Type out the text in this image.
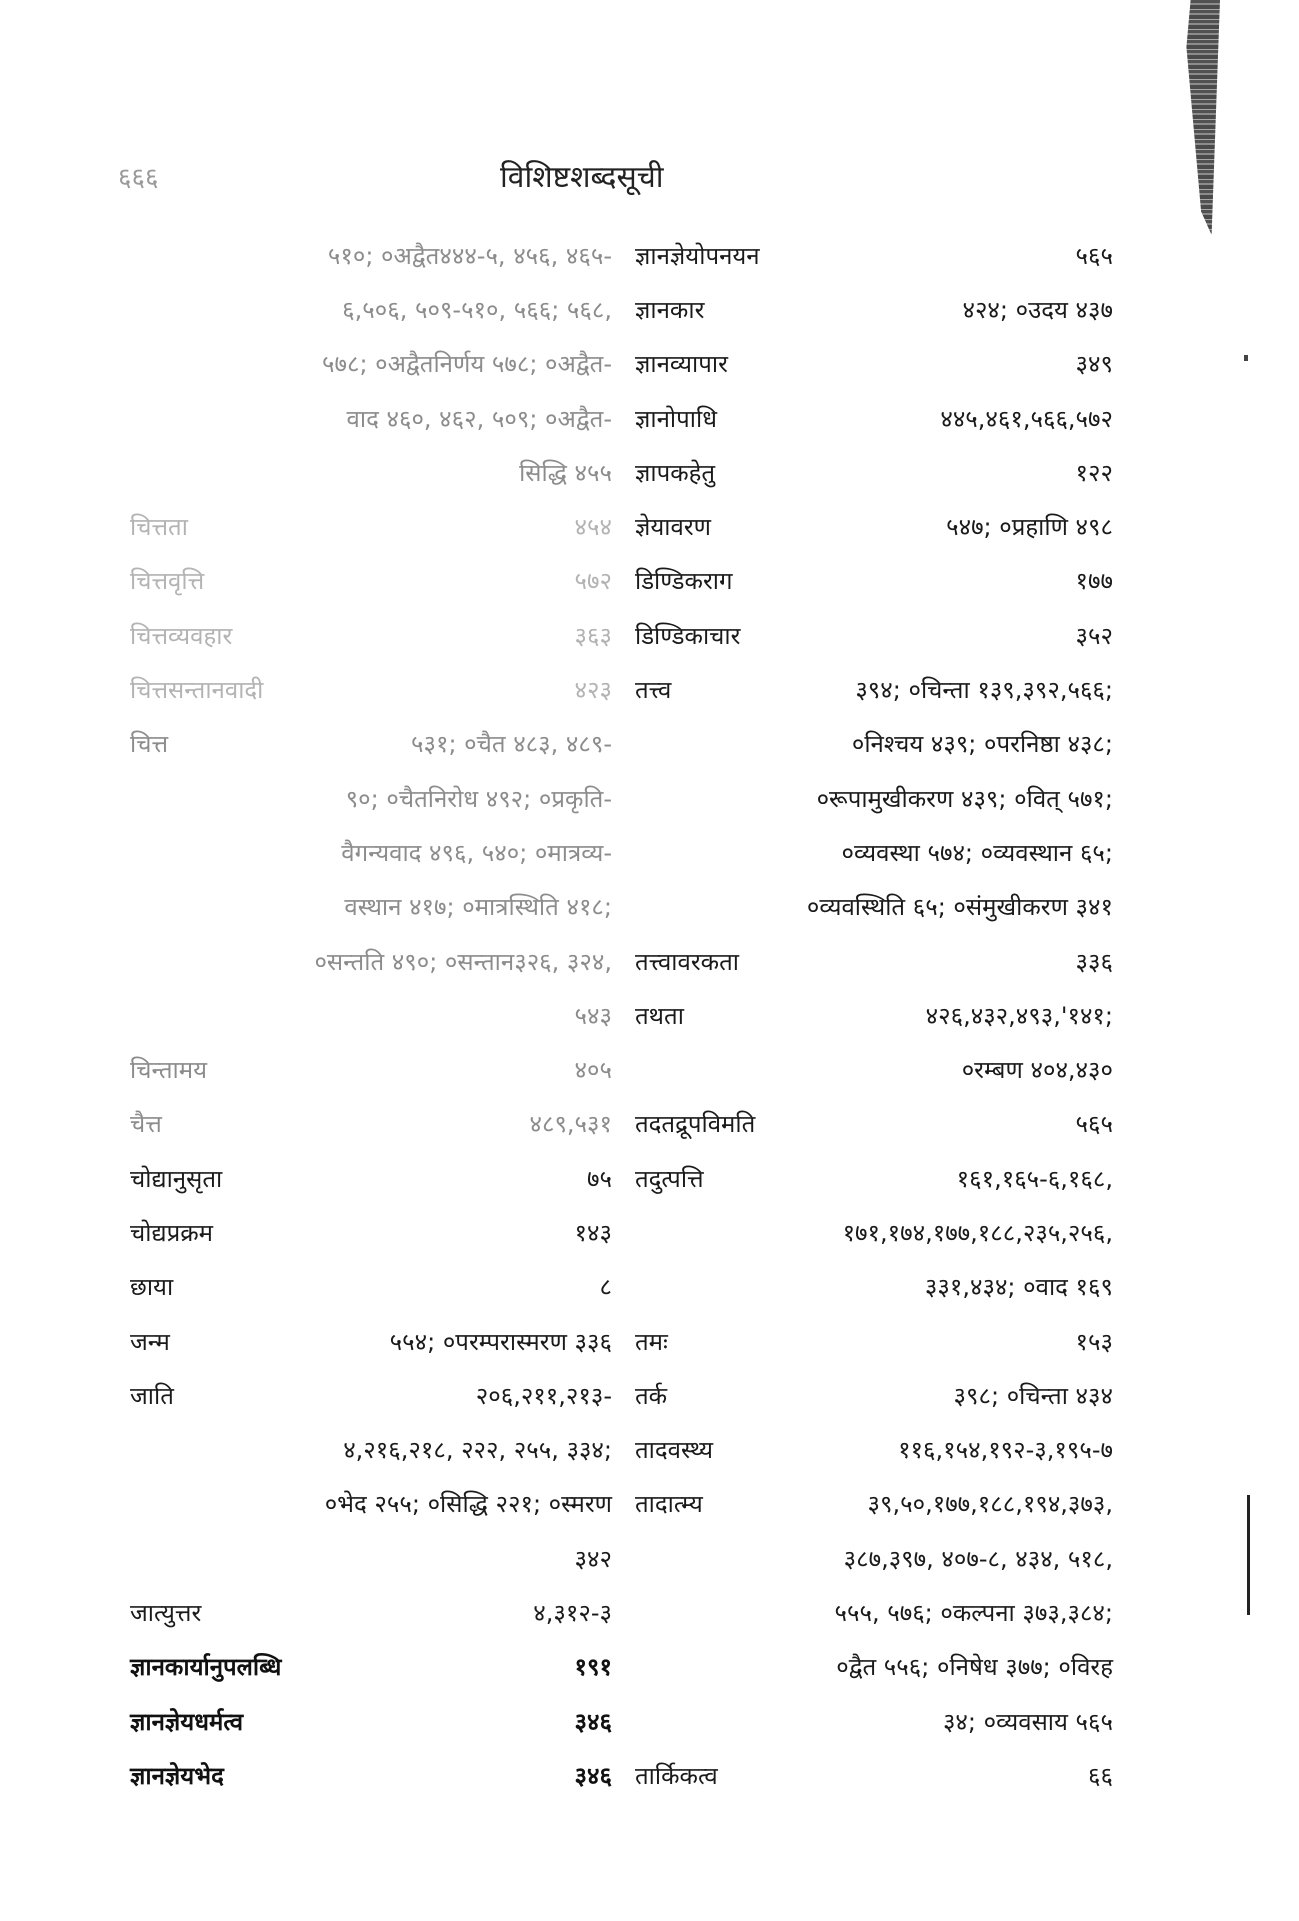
६६६	विशिष्टशब्दसूची
५१०; ०अद्वैत४४४-५, ४५६, ४६५-
६,५०६, ५०९-५१०, ५६६; ५६८,
५७८; ०अद्वैतनिर्णय ५७८; ०अद्वैत-
वाद ४६०, ४६२, ५०९; ०अद्वैत-
सिद्धि ४५५
चित्तता	४५४
चित्तवृत्ति	५७२
चित्तव्यवहार	३६३
चित्तसन्तानवादी	४२३
चित्त	५३१; ०चैत ४८३, ४८९-
९०; ०चैतनिरोध ४९२; ०प्रकृति-
वैगन्यवाद ४९६, ५४०; ०मात्रव्य-
वस्थान ४१७; ०मात्रस्थिति ४१८;
०सन्तति ४९०; ०सन्तान३२६, ३२४,
५४३
चिन्तामय	४०५
चैत्त	४८९,५३१
चोद्यानुसृता	७५
चोद्यप्रक्रम	१४३
छाया	८
जन्म	५५४; ०परम्परास्मरण ३३६
जाति	२०६,२११,२१३-
४,२१६,२१८, २२२, २५५, ३३४;
०भेद २५५; ०सिद्धि २२१; ०स्मरण
३४२
जात्युत्तर	४,३१२-३
ज्ञानकार्यानुपलब्धि	१९१
ज्ञानज्ञेयधर्मत्व	३४६
ज्ञानज्ञेयभेद	३४६
ज्ञानज्ञेयोपनयन	५६५
ज्ञानकार	४२४; ०उदय ४३७
ज्ञानव्यापार	३४९
ज्ञानोपाधि	४४५,४६१,५६६,५७२
ज्ञापकहेतु	१२२
ज्ञेयावरण	५४७; ०प्रहाणि ४९८
डिण्डिकराग	१७७
डिण्डिकाचार	३५२
तत्त्व	३९४; ०चिन्ता १३९,३९२,५६६;
०निश्चय ४३९; ०परनिष्ठा ४३८;
०रूपामुखीकरण ४३९; ०वित् ५७१;
०व्यवस्था ५७४; ०व्यवस्थान ६५;
०व्यवस्थिति ६५; ०संमुखीकरण ३४१
तत्त्वावरकता	३३६
तथता	४२६,४३२,४९३,'१४१;
०रम्बण ४०४,४३०
तदतद्रूपविमति	५६५
तदुत्पत्ति	१६१,१६५-६,१६८,
१७१,१७४,१७७,१८८,२३५,२५६,
३३१,४३४; ०वाद १६९
तमः	१५३
तर्क	३९८; ०चिन्ता ४३४
तादवस्थ्य	११६,१५४,१९२-३,१९५-७
तादात्म्य	३९,५०,१७७,१८८,१९४,३७३,
३८७,३९७, ४०७-८, ४३४, ५१८,
५५५, ५७६; ०कल्पना ३७३,३८४;
०द्वैत ५५६; ०निषेध ३७७; ०विरह
३४; ०व्यवसाय ५६५
तार्किकत्व	६६
